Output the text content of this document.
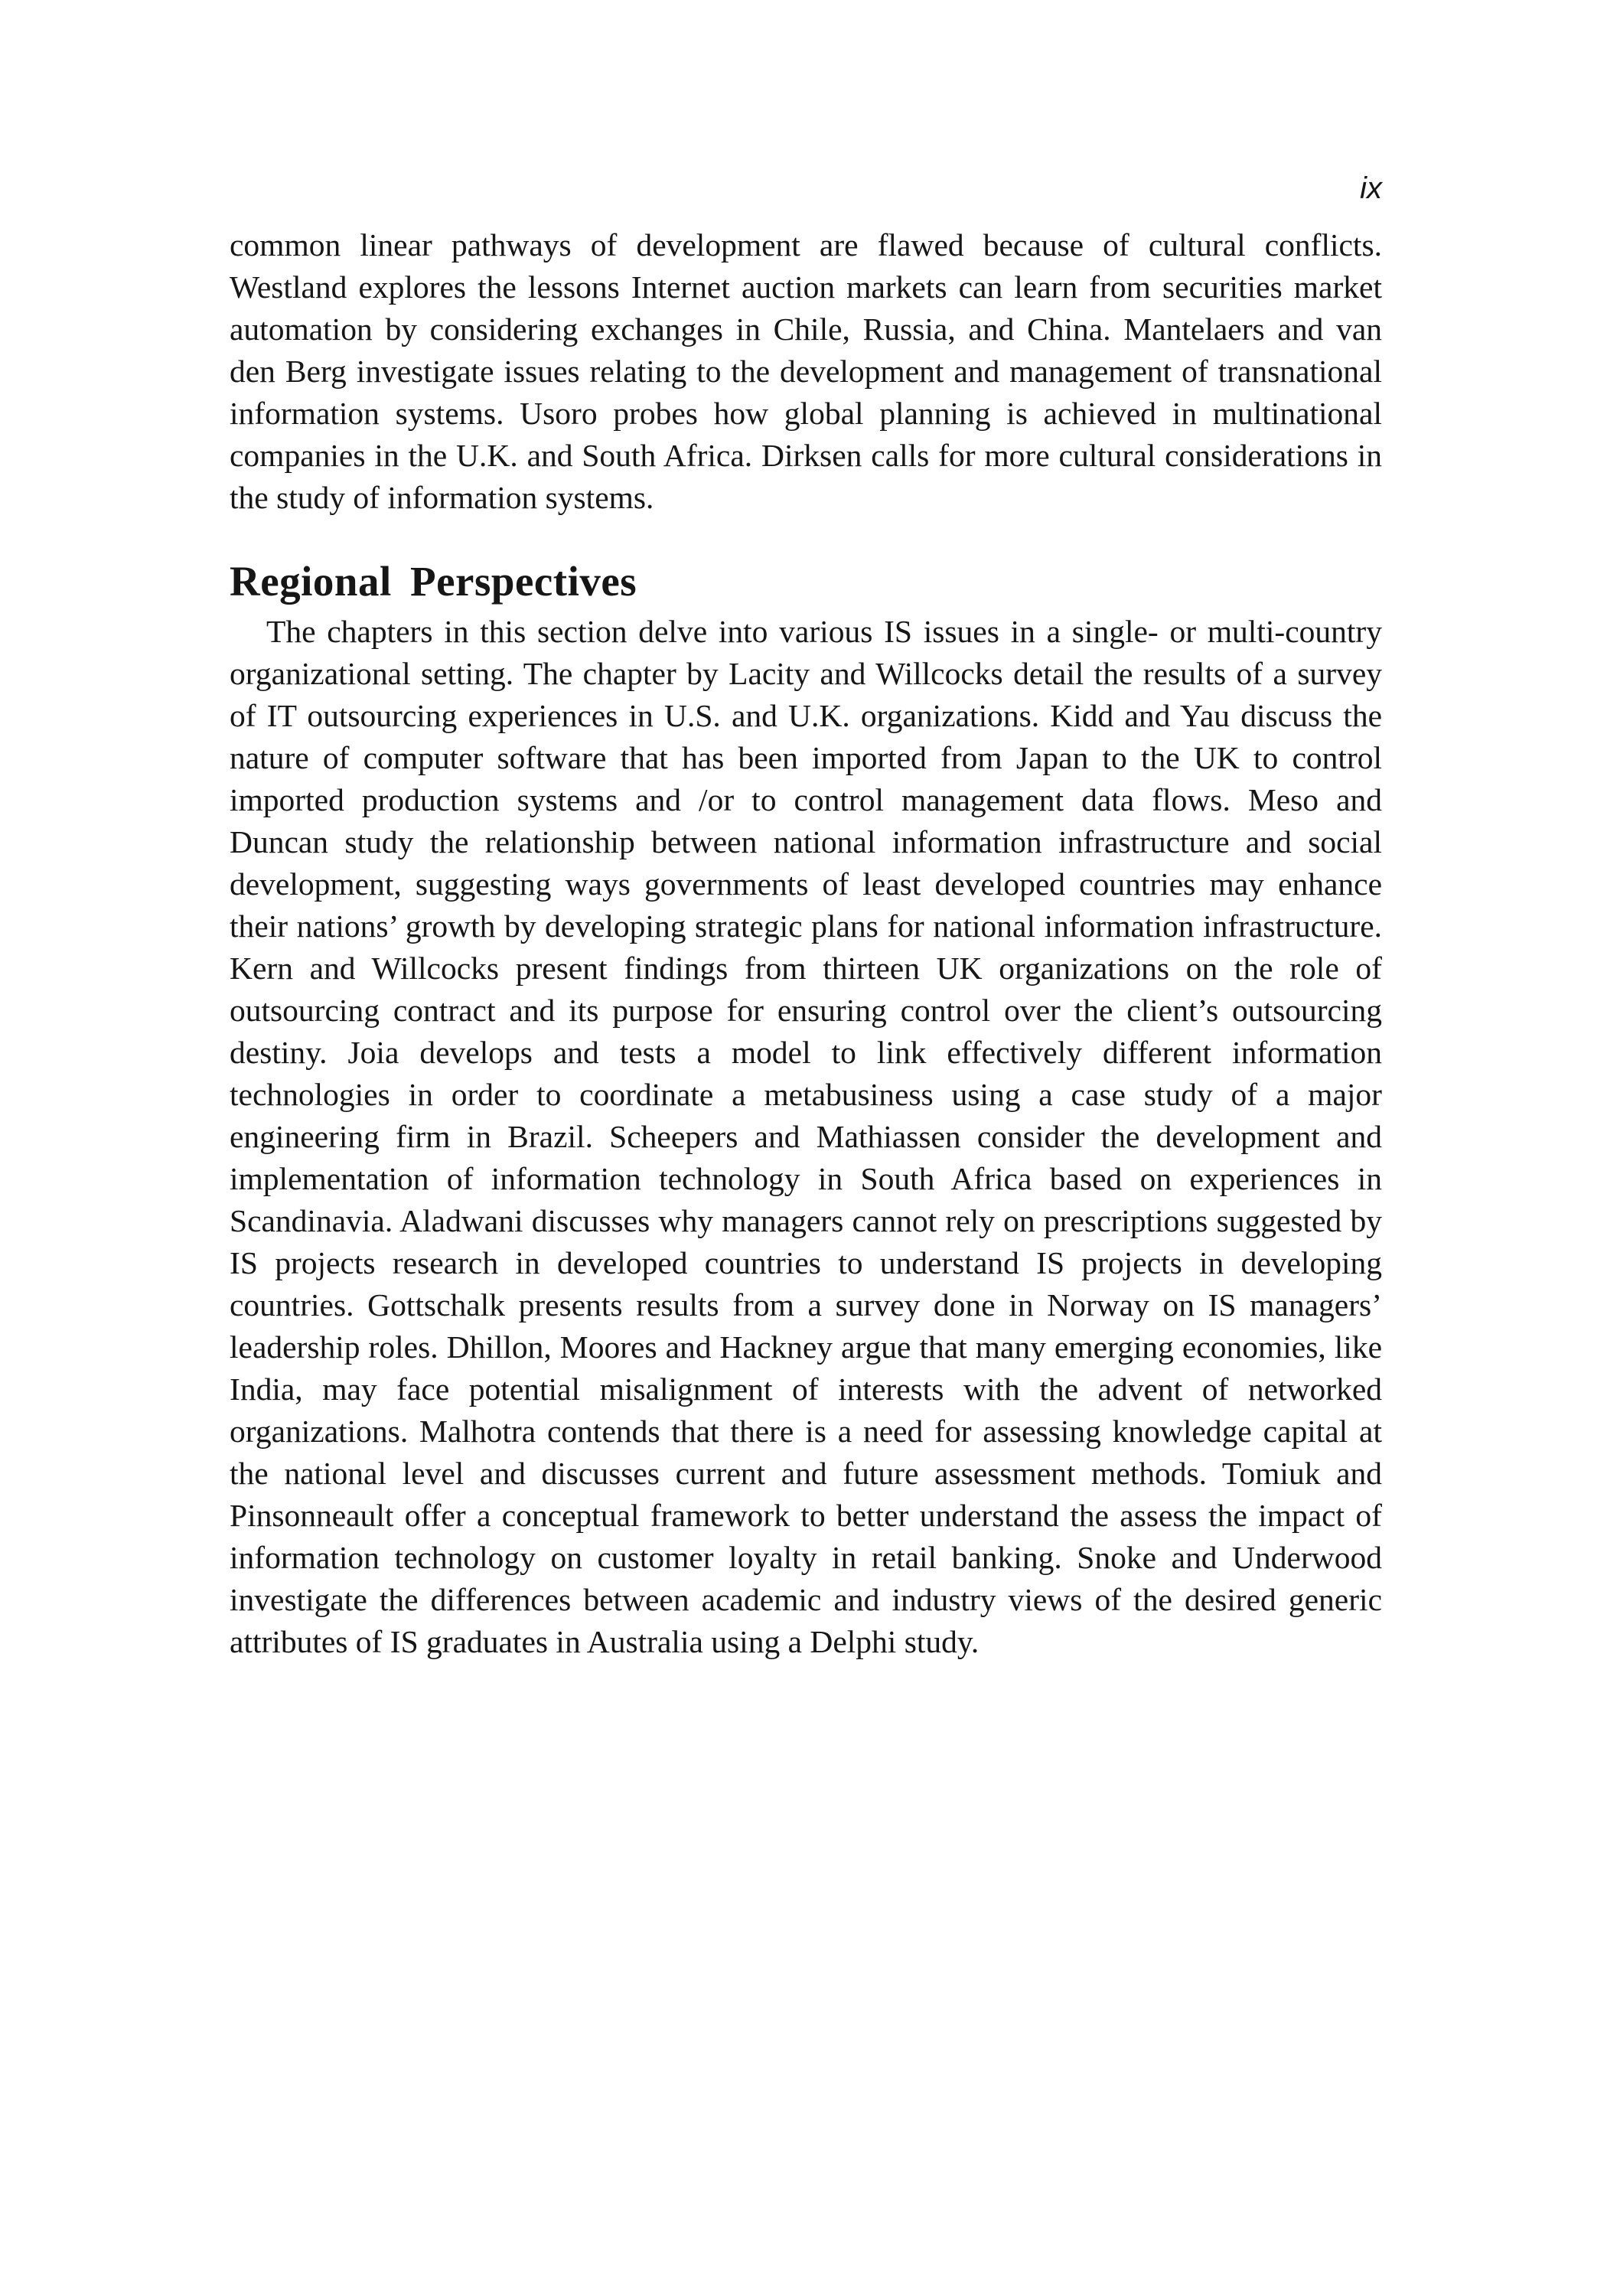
ix

common linear pathways of development are flawed because of cultural conflicts. Westland explores the lessons Internet auction markets can learn from securities market automation by considering exchanges in Chile, Russia, and China. Mantelaers and van den Berg investigate issues relating to the development and management of transnational information systems. Usoro probes how global planning is achieved in multinational companies in the U.K. and South Africa. Dirksen calls for more cultural considerations in the study of information systems.

Regional Perspectives

The chapters in this section delve into various IS issues in a single- or multi-country organizational setting. The chapter by Lacity and Willcocks detail the results of a survey of IT outsourcing experiences in U.S. and U.K. organizations. Kidd and Yau discuss the nature of computer software that has been imported from Japan to the UK to control imported production systems and /or to control management data flows. Meso and Duncan study the relationship between national information infrastructure and social development, suggesting ways governments of least developed countries may enhance their nations’ growth by developing strategic plans for national information infrastructure. Kern and Willcocks present findings from thirteen UK organizations on the role of outsourcing contract and its purpose for ensuring control over the client’s outsourcing destiny. Joia develops and tests a model to link effectively different information technologies in order to coordinate a metabusiness using a case study of a major engineering firm in Brazil. Scheepers and Mathiassen consider the development and implementation of information technology in South Africa based on experiences in Scandinavia. Aladwani discusses why managers cannot rely on prescriptions suggested by IS projects research in developed countries to understand IS projects in developing countries. Gottschalk presents results from a survey done in Norway on IS managers’ leadership roles. Dhillon, Moores and Hackney argue that many emerging economies, like India, may face potential misalignment of interests with the advent of networked organizations. Malhotra contends that there is a need for assessing knowledge capital at the national level and discusses current and future assessment methods. Tomiuk and Pinsonneault offer a conceptual framework to better understand the assess the impact of information technology on customer loyalty in retail banking. Snoke and Underwood investigate the differences between academic and industry views of the desired generic attributes of IS graduates in Australia using a Delphi study.
